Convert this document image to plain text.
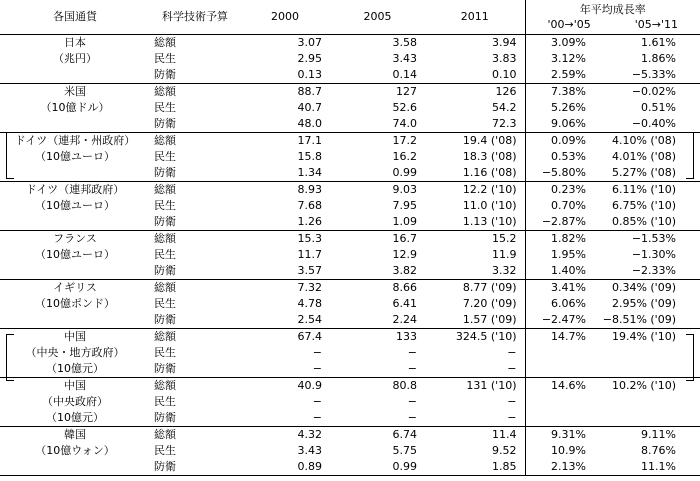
各国通貨	科学技術予算	2000	2005	2011	年平均成長率
'00→'05 '05→'11	

日本
（兆円）	総額	3.07	3.58	3.94	3.09%	1.61%
	民生	2.95	3.43	3.83	3.12%	1.86%
	防衛	0.13	0.14	0.10	2.59%	−5.33%

米国
（10億ドル）	総額	88.7	127	126	7.38%	−0.02%
	民生	40.7	52.6	54.2	5.26%	0.51%
	防衛	48.0	74.0	72.3	9.06%	−0.40%

ドイツ（連邦・州政府）
（10億ユーロ）	総額	17.1	17.2	19.4 ('08)	0.09%	4.10% ('08)
	民生	15.8	16.2	18.3 ('08)	0.53%	4.01% ('08)
	防衛	1.34	0.99	1.16 ('08)	−5.80%	5.27% ('08)

ドイツ（連邦政府）
（10億ユーロ）	総額	8.93	9.03	12.2 ('10)	0.23%	6.11% ('10)
	民生	7.68	7.95	11.0 ('10)	0.70%	6.75% ('10)
	防衛	1.26	1.09	1.13 ('10)	−2.87%	0.85% ('10)

フランス
（10億ユーロ）	総額	15.3	16.7	15.2	1.82%	−1.53%
	民生	11.7	12.9	11.9	1.95%	−1.30%
	防衛	3.57	3.82	3.32	1.40%	−2.33%

イギリス
（10億ポンド）	総額	7.32	8.66	8.77 ('09)	3.41%	0.34% ('09)
	民生	4.78	6.41	7.20 ('09)	6.06%	2.95% ('09)
	防衛	2.54	2.24	1.57 ('09)	−2.47%	−8.51% ('09)

中国
（中央・地方政府）
（10億元）	総額	67.4	133	324.5 ('10)	14.7%	19.4% ('10)
	民生	−	−	−		
	防衛	−	−	−		

中国
（中央政府）
（10億元）	総額	40.9	80.8	131 ('10)	14.6%	10.2% ('10)
	民生	−	−	−		
	防衛	−	−	−		

韓国
（10億ウォン）	総額	4.32	6.74	11.4	9.31%	9.11%
	民生	3.43	5.75	9.52	10.9%	8.76%
	防衛	0.89	0.99	1.85	2.13%	11.1%
